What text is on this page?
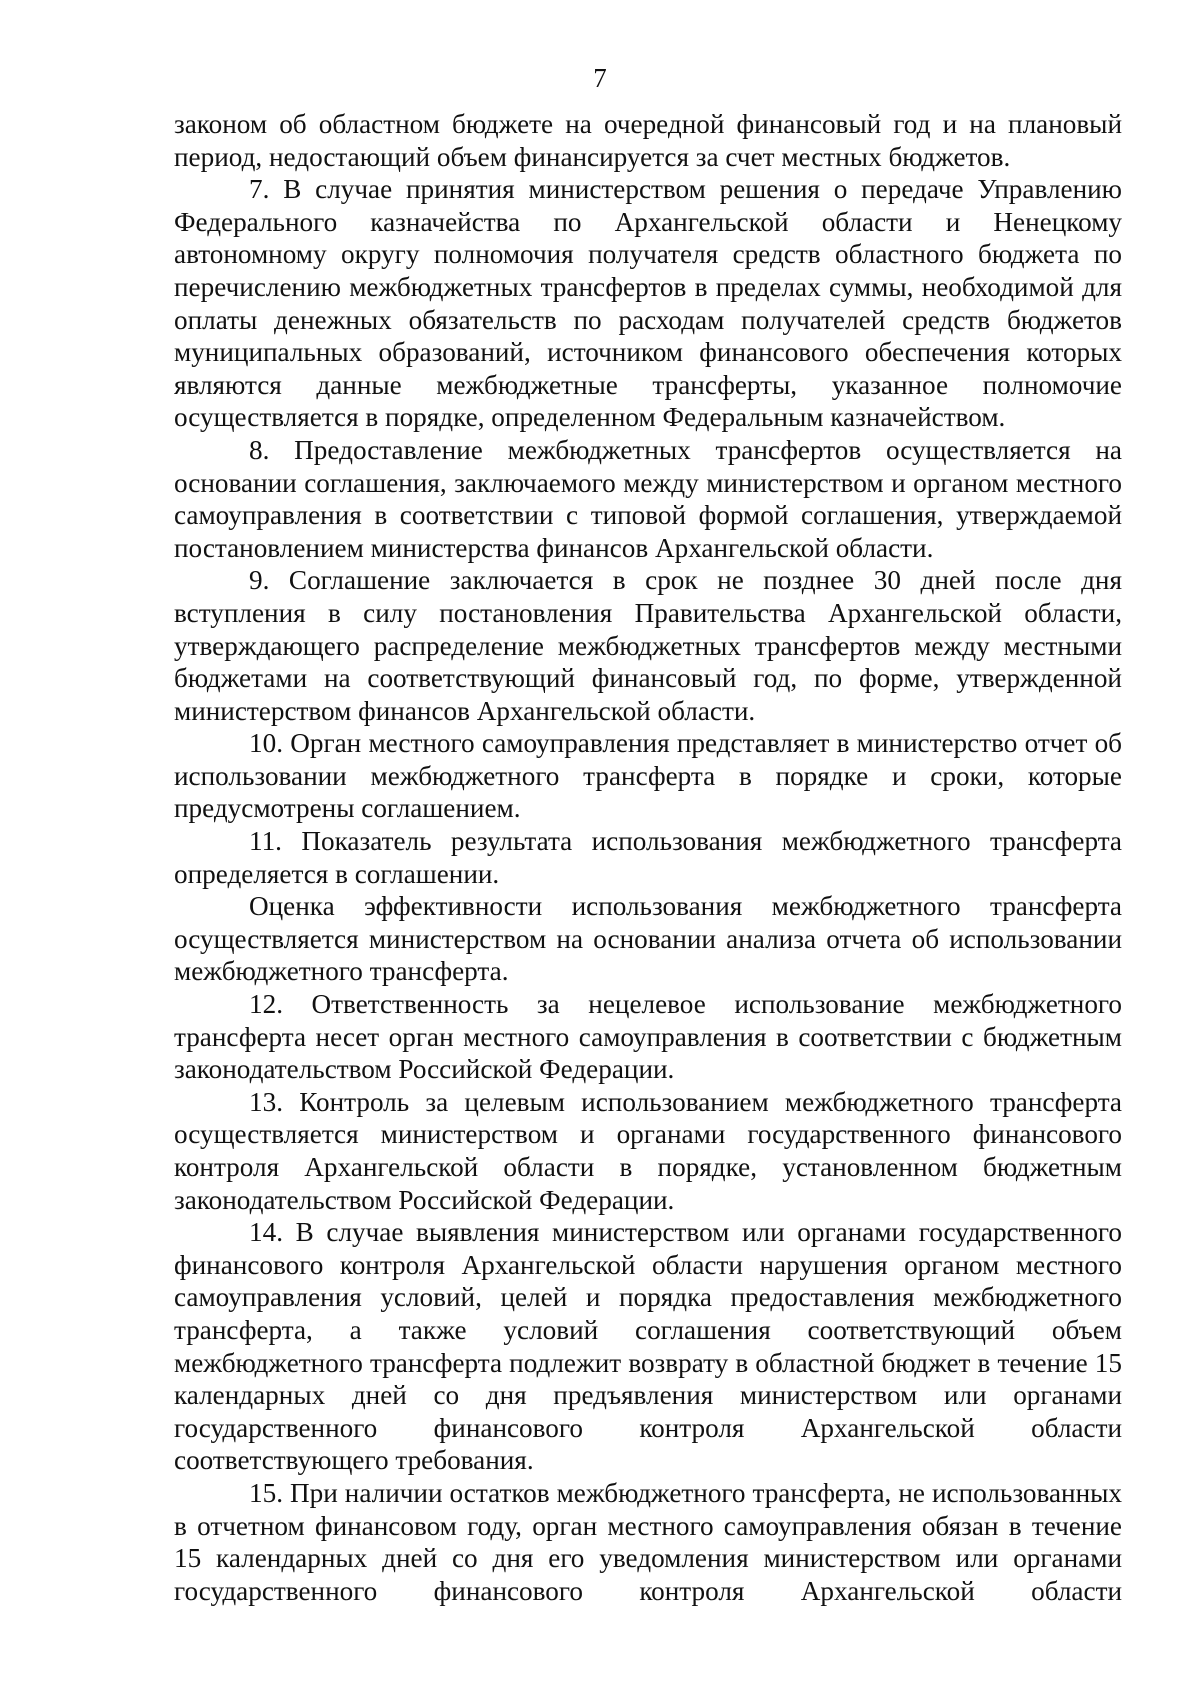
7

законом об областном бюджете на очередной финансовый год и на плановый период, недостающий объем финансируется за счет местных бюджетов.

7. В случае принятия министерством решения о передаче Управлению Федерального казначейства по Архангельской области и Ненецкому автономному округу полномочия получателя средств областного бюджета по перечислению межбюджетных трансфертов в пределах суммы, необходимой для оплаты денежных обязательств по расходам получателей средств бюджетов муниципальных образований, источником финансового обеспечения которых являются данные межбюджетные трансферты, указанное полномочие осуществляется в порядке, определенном Федеральным казначейством.

8. Предоставление межбюджетных трансфертов осуществляется на основании соглашения, заключаемого между министерством и органом местного самоуправления в соответствии с типовой формой соглашения, утверждаемой постановлением министерства финансов Архангельской области.

9. Соглашение заключается в срок не позднее 30 дней после дня вступления в силу постановления Правительства Архангельской области, утверждающего распределение межбюджетных трансфертов между местными бюджетами на соответствующий финансовый год, по форме, утвержденной министерством финансов Архангельской области.

10. Орган местного самоуправления представляет в министерство отчет об использовании межбюджетного трансферта в порядке и сроки, которые предусмотрены соглашением.

11. Показатель результата использования межбюджетного трансферта определяется в соглашении.

Оценка эффективности использования межбюджетного трансферта осуществляется министерством на основании анализа отчета об использовании межбюджетного трансферта.

12. Ответственность за нецелевое использование межбюджетного трансферта несет орган местного самоуправления в соответствии с бюджетным законодательством Российской Федерации.

13. Контроль за целевым использованием межбюджетного трансферта осуществляется министерством и органами государственного финансового контроля Архангельской области в порядке, установленном бюджетным законодательством Российской Федерации.

14. В случае выявления министерством или органами государственного финансового контроля Архангельской области нарушения органом местного самоуправления условий, целей и порядка предоставления межбюджетного трансферта, а также условий соглашения соответствующий объем межбюджетного трансферта подлежит возврату в областной бюджет в течение 15 календарных дней со дня предъявления министерством или органами государственного финансового контроля Архангельской области соответствующего требования.

15. При наличии остатков межбюджетного трансферта, не использованных в отчетном финансовом году, орган местного самоуправления обязан в течение 15 календарных дней со дня его уведомления министерством или органами государственного финансового контроля Архангельской области
